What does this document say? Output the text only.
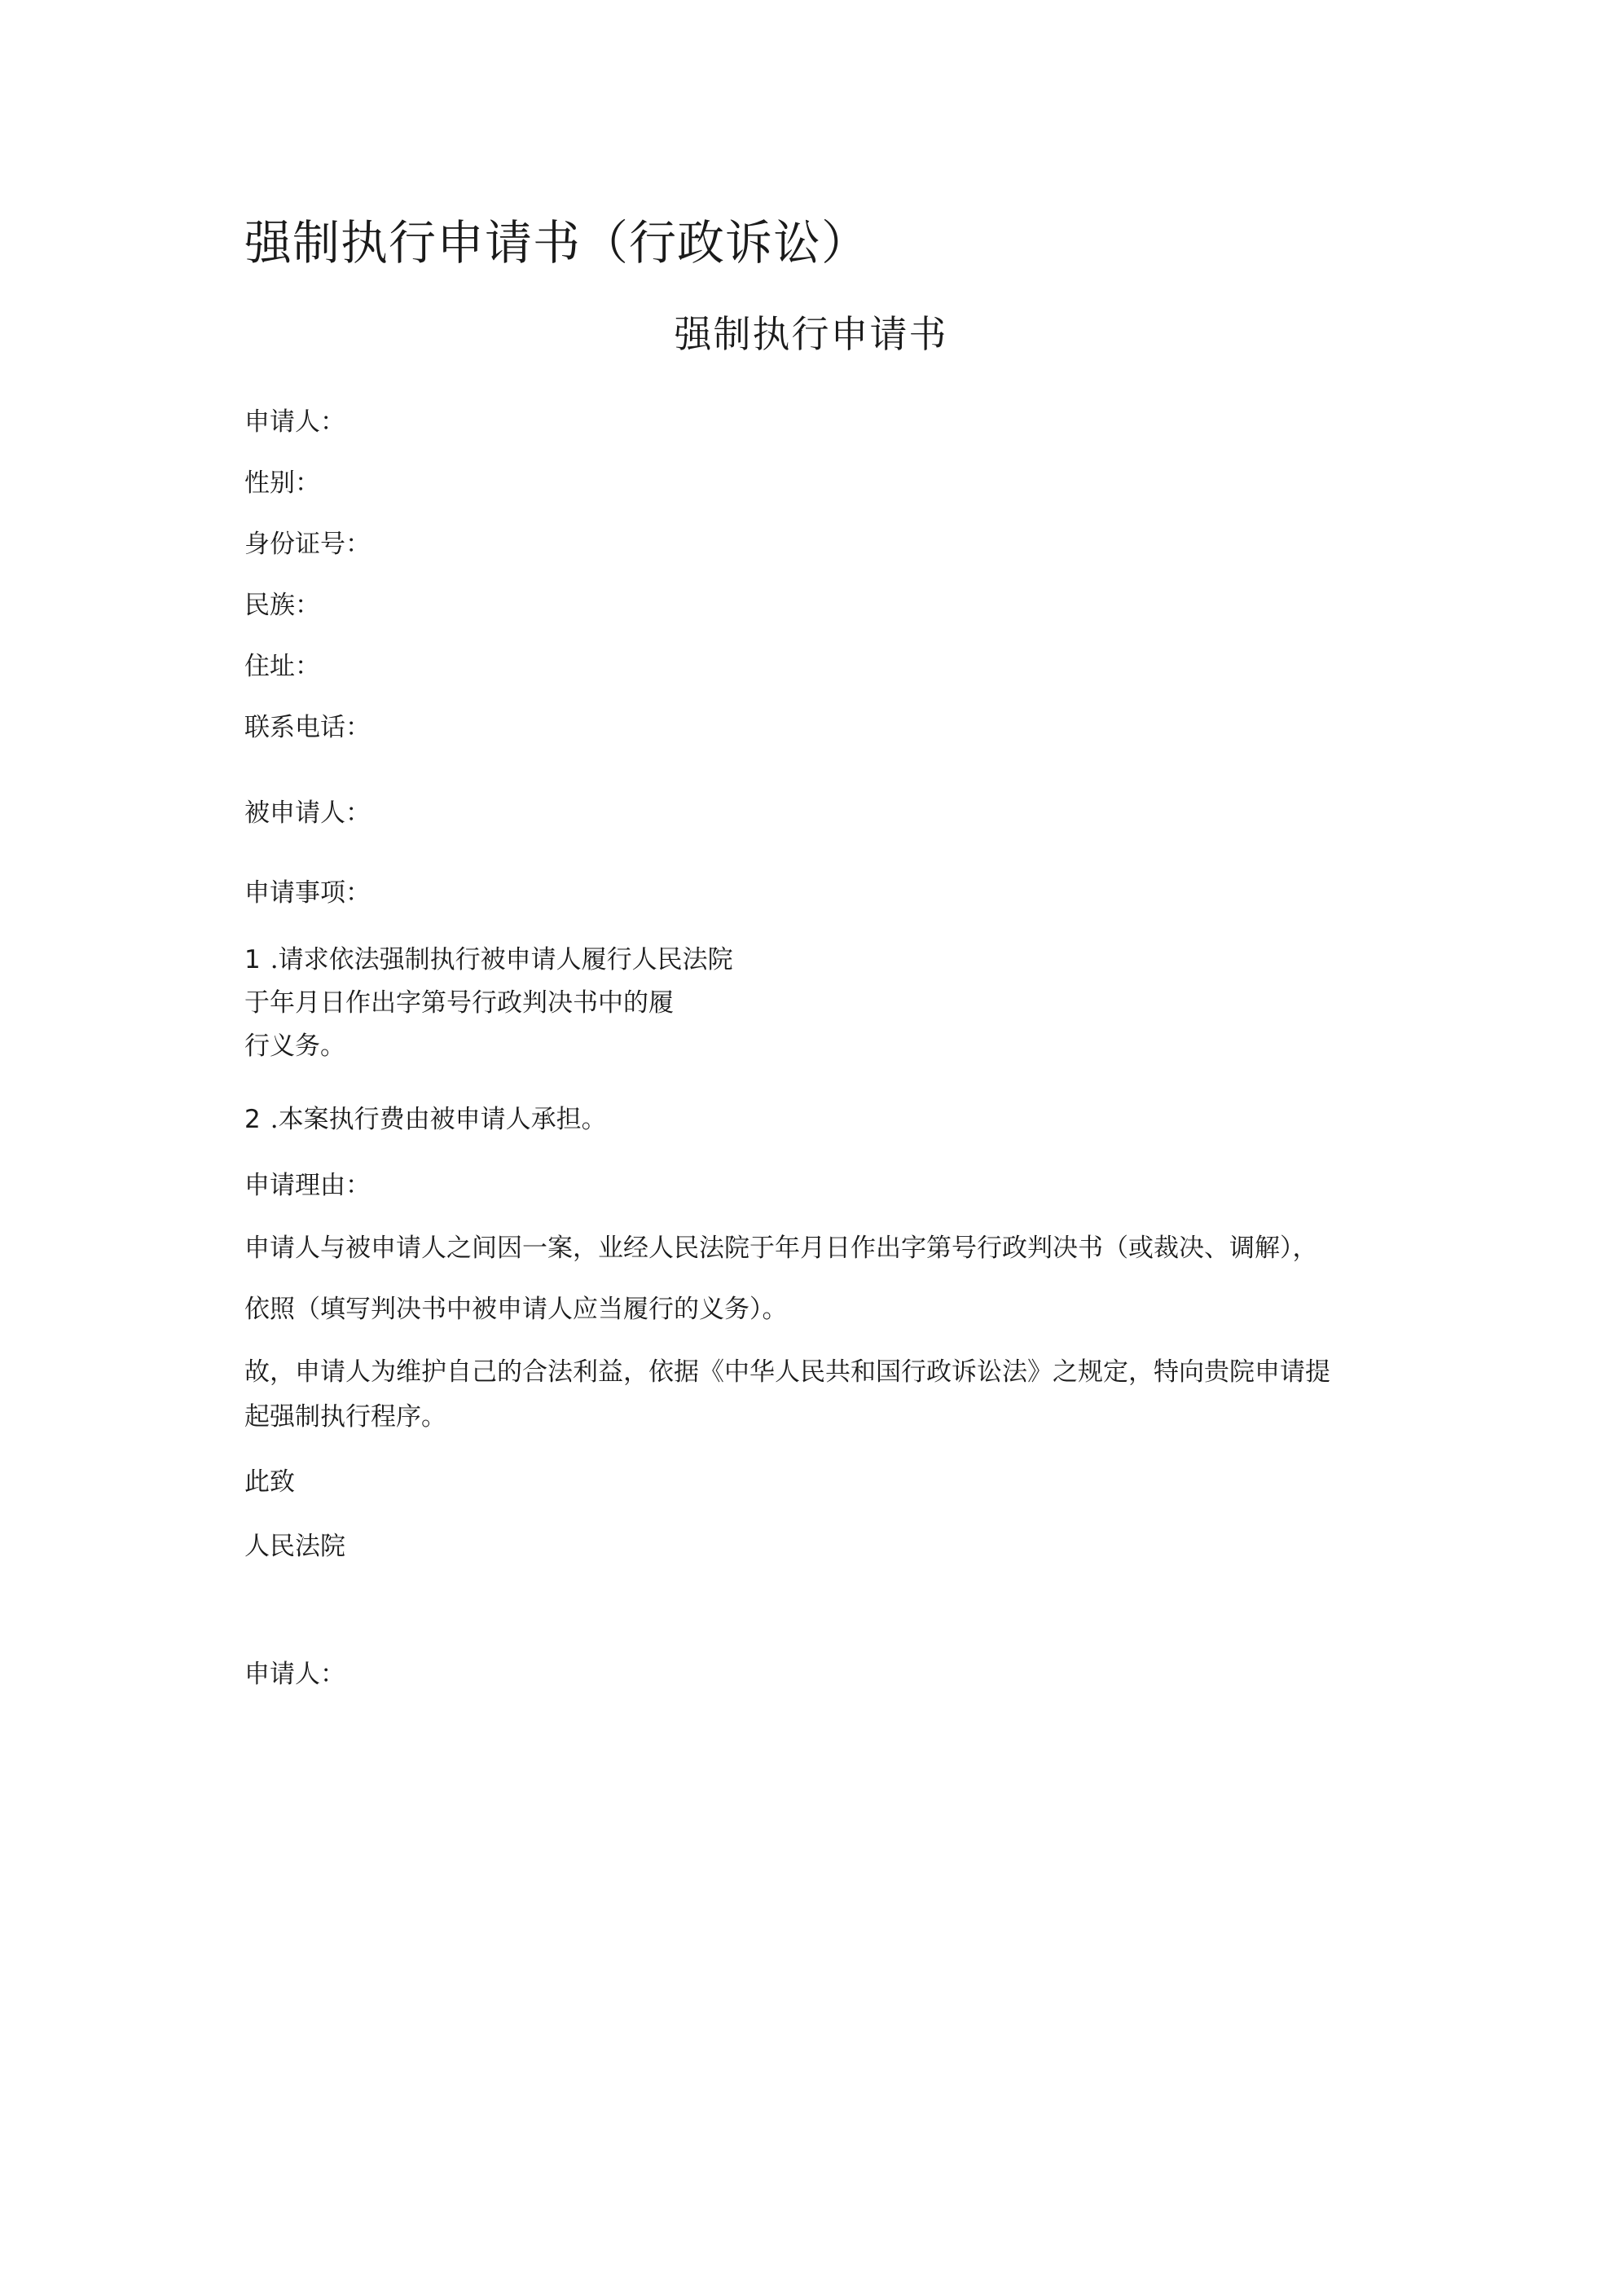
强制执行申请书（行政诉讼）
强制执行申请书
申请人：
性别：
身份证号：
民族：
住址：
联系电话：
被申请人：
申请事项：
1 .请求依法强制执行被申请人履行人民法院
于年月日作出字第号行政判决书中的履
行义务。
2 .本案执行费由被申请人承担。
申请理由：
申请人与被申请人之间因一案，业经人民法院于年月日作出字第号行政判决书（或裁决、调解），
依照（填写判决书中被申请人应当履行的义务）。
故，申请人为维护自己的合法利益，依据《中华人民共和国行政诉讼法》之规定，特向贵院申请提
起强制执行程序。
此致
人民法院
申请人：
